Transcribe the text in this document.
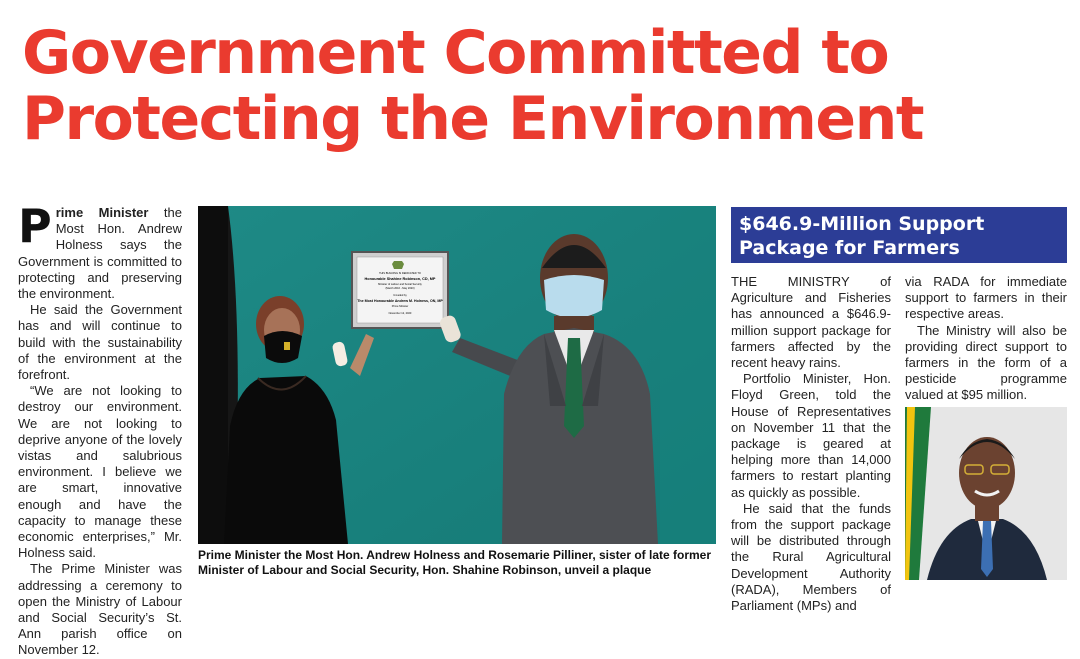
Government Committed to
Protecting the Environment

Prime Minister the Most Hon. Andrew Holness says the Government is committed to protecting and preserving the environment.

He said the Government has and will continue to build with the sustainability of the environment at the forefront.

“We are not looking to destroy our environment. We are not looking to deprive anyone of the lovely vistas and salubrious environment. I believe we are smart, innovative enough and have the capacity to manage these economic enterprises,” Mr. Holness said.

The Prime Minister was addressing a ceremony to open the Ministry of Labour and Social Security’s St. Ann parish office on November 12.

THIS BUILDING IS DEDICATED TO
Honourable Shahine Robinson, CD, MP
Minister of Labour and Social Security
(March 2016 - May 2020)
Unveiled by
The Most Honourable Andrew M. Holness, ON, MP
Prime Minister
November 12, 2020
Prime Minister the Most Hon. Andrew Holness and Rosemarie Pilliner, sister of late former Minister of Labour and Social Security, Hon. Shahine Robinson, unveil a plaque
$646.9-Million Support Package for Farmers

THE MINISTRY of Agriculture and Fisheries has announced a $646.9-million support package for farmers affected by the recent heavy rains.

Portfolio Minister, Hon. Floyd Green, told the House of Representatives on November 11 that the package is geared at helping more than 14,000 farmers to restart planting as quickly as possible.

He said that the funds from the support package will be distributed through the Rural Agricultural Development Authority (RADA), Members of Parliament (MPs) and

via RADA for immediate support to farmers in their respective areas.

The Ministry will also be providing direct support to farmers in the form of a pesticide programme valued at $95 million.
